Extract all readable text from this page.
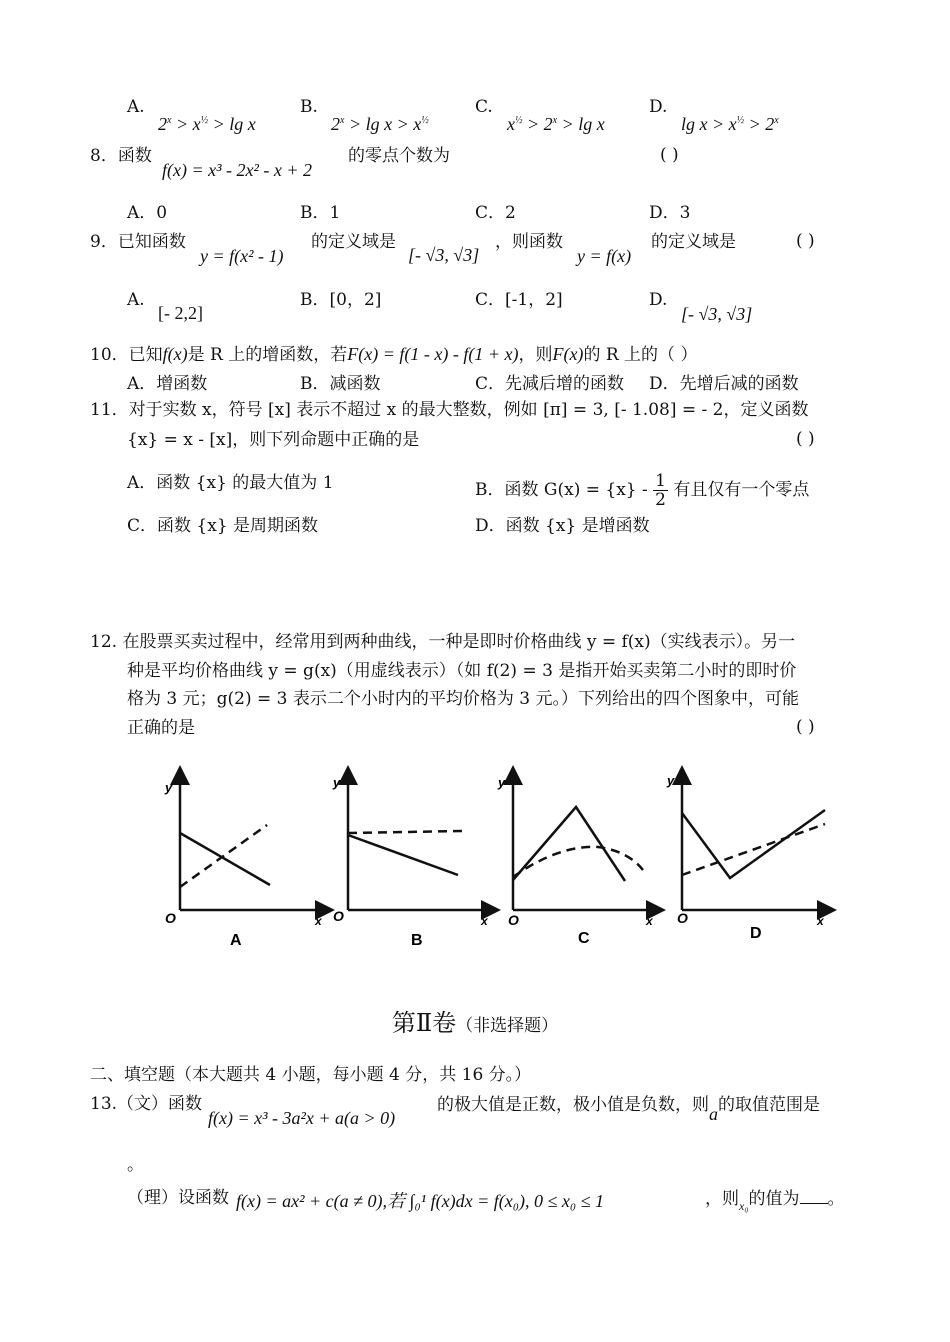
A.
$2^x > x^{\frac{1}{2}} > \lg x$
B.
$2^x > \lg x > x^{\frac{1}{2}}$
C.
$x^{\frac{1}{2}} > 2^x > \lg x$
D.
$\lg x > x^{\frac{1}{2}} > 2^x$
8．函数
f(x) = x³ - 2x² - x + 2
的零点个数为	( )
A．0	B．1	C．2	D．3
9．已知函数
y = f(x² - 1)
的定义域是
[- √3, √3]
，则函数
y = f(x)
的定义域是	( )
A.
[- 2,2]
B．[0，2]	C．[-1，2]	D.
[- √3, √3]
10．已知f(x)是 R 上的增函数，若F(x) = f(1 - x) - f(1 + x)，则F(x)的 R 上的（ ）
A．增函数	B．减函数	C．先减后增的函数 D．先增后减的函数
11．对于实数 x，符号 [x] 表示不超过 x 的最大整数，例如 [π] = 3, [- 1.08] = - 2，定义函数
{x} = x - [x]，则下列命题中正确的是	( )
A．函数 {x} 的最大值为 1	B．函数 $G(x) = \{x\} - \frac{1}{2}$ 有且仅有一个零点
C．函数 {x} 是周期函数	D．函数 {x} 是增函数
12. 在股票买卖过程中，经常用到两种曲线，一种是即时价格曲线 y = f(x)（实线表示）。另一
种是平均价格曲线 y = g(x)（用虚线表示）（如 f(2) = 3 是指开始买卖第二小时的即时价
格为 3 元；g(2) = 3 表示二个小时内的平均价格为 3 元。）下列给出的四个图象中，可能
正确的是	( )
y
O	x
A
y
O	x
B
y
O	x
C
y
O	x
D
第Ⅱ卷（非选择题）
二、填空题（本大题共 4 小题，每小题 4 分，共 16 分。）
13.（文）函数
f(x) = x³ - 3a²x + a(a > 0)
的极大值是正数，极小值是负数，则a的取值范围是
。
（理）设函数 f(x) = ax² + c(a ≠ 0),若 ∫₀¹ f(x)dx = f(x₀), 0 ≤ x₀ ≤ 1	，则$_{x_0}$的值为 。
